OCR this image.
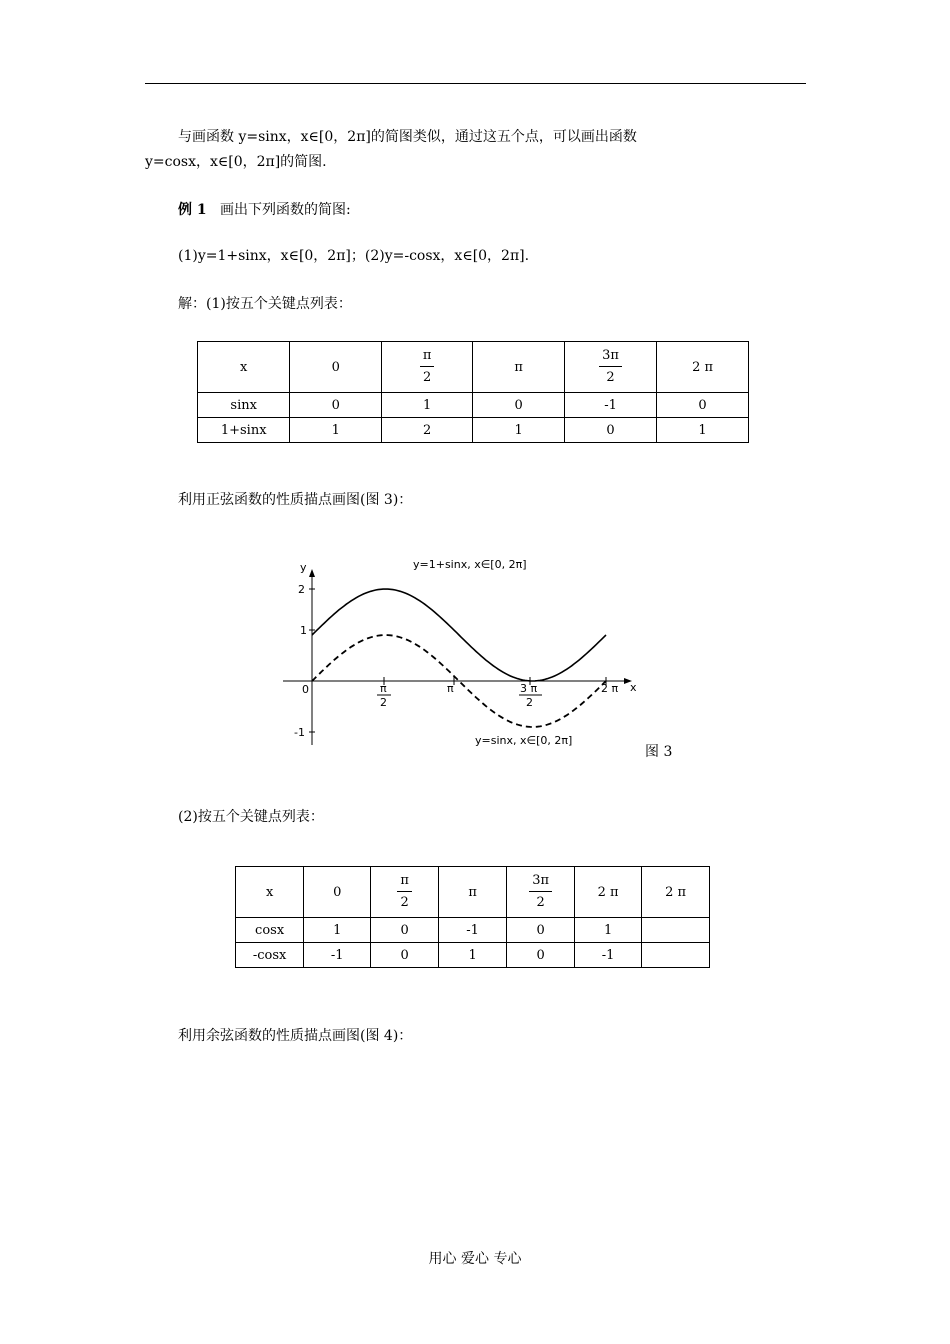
与画函数 y=sinx，x∈[0，2π]的简图类似，通过这五个点，可以画出函数
y=cosx，x∈[0，2π]的简图.
例 1 画出下列函数的简图:
(1)y=1+sinx，x∈[0，2π]；(2)y=-cosx，x∈[0，2π].
解：(1)按五个关键点列表：
x	0	$\frac{\pi}{2}$	π	$\frac{3\pi}{2}$	2 π
sinx	0	1	0	-1	0
1+sinx	1	2	1	0	1
利用正弦函数的性质描点画图(图 3)：
y
x
0
2
1
-1
π
2
π	3 π
2
2 π
y=1+sinx, x∈[0, 2π]
y=sinx, x∈[0, 2π]
图 3
(2)按五个关键点列表：
x	0	$\frac{\pi}{2}$	π	$\frac{3\pi}{2}$	2 π	2 π
cosx	1	0	-1	0	1	
-cosx	-1	0	1	0	-1	
利用余弦函数的性质描点画图(图 4)：
用心 爱心 专心
